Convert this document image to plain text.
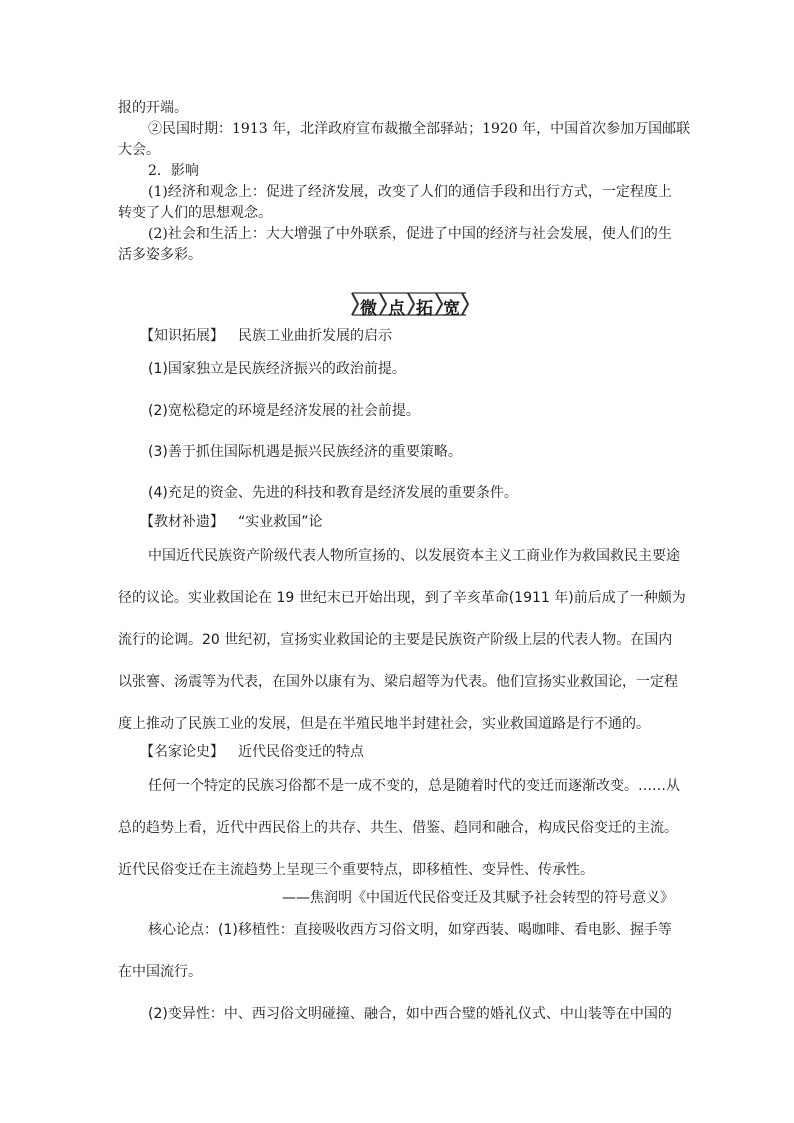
报的开端。
②民国时期：1913 年，北洋政府宣布裁撤全部驿站；1920 年，中国首次参加万国邮联
大会。
2．影响
(1)经济和观念上：促进了经济发展，改变了人们的通信手段和出行方式，一定程度上
转变了人们的思想观念。
(2)社会和生活上：大大增强了中外联系，促进了中国的经济与社会发展，使人们的生
活多姿多彩。
微 点 拓 宽
【知识拓展】 民族工业曲折发展的启示
(1)国家独立是民族经济振兴的政治前提。
(2)宽松稳定的环境是经济发展的社会前提。
(3)善于抓住国际机遇是振兴民族经济的重要策略。
(4)充足的资金、先进的科技和教育是经济发展的重要条件。
【教材补遗】 “实业救国”论
中国近代民族资产阶级代表人物所宣扬的、以发展资本主义工商业作为救国救民主要途
径的议论。实业救国论在 19 世纪末已开始出现，到了辛亥革命(1911 年)前后成了一种颇为
流行的论调。20 世纪初，宣扬实业救国论的主要是民族资产阶级上层的代表人物。在国内
以张謇、汤震等为代表，在国外以康有为、梁启超等为代表。他们宣扬实业救国论，一定程
度上推动了民族工业的发展，但是在半殖民地半封建社会，实业救国道路是行不通的。
【名家论史】 近代民俗变迁的特点
任何一个特定的民族习俗都不是一成不变的，总是随着时代的变迁而逐渐改变。……从
总的趋势上看，近代中西民俗上的共存、共生、借鉴、趋同和融合，构成民俗变迁的主流。
近代民俗变迁在主流趋势上呈现三个重要特点，即移植性、变异性、传承性。
——焦润明《中国近代民俗变迁及其赋予社会转型的符号意义》
核心论点：(1)移植性：直接吸收西方习俗文明，如穿西装、喝咖啡、看电影、握手等
在中国流行。
(2)变异性：中、西习俗文明碰撞、融合，如中西合璧的婚礼仪式、中山装等在中国的
